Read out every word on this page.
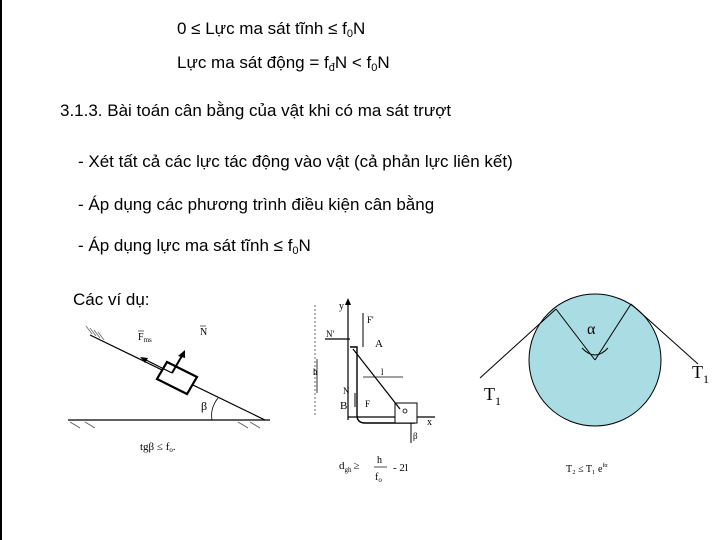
0 ≤ Lực ma sát tĩnh ≤ $f_0N$
Lực ma sát động = $f_đN < f_0N$
3.1.3. Bài toán cân bằng của vật khi có ma sát trượt
- Xét tất cả các lực tác động vào vật (cả phản lực liên kết)
- Áp dụng các phương trình điều kiện cân bằng
- Áp dụng lực ma sát tĩnh ≤ $f_0N$
Các ví dụ:
$F_{ms}$
N
β
tgβ ≤ fo.
y
x
F'
N'
A
h	l
B
N
F
β
$d_{gh} \ge h$
$f_o$
- 2l
α
$T_1$
$T_1$
T₂ ≤ T₁ $e^{f\alpha}$
